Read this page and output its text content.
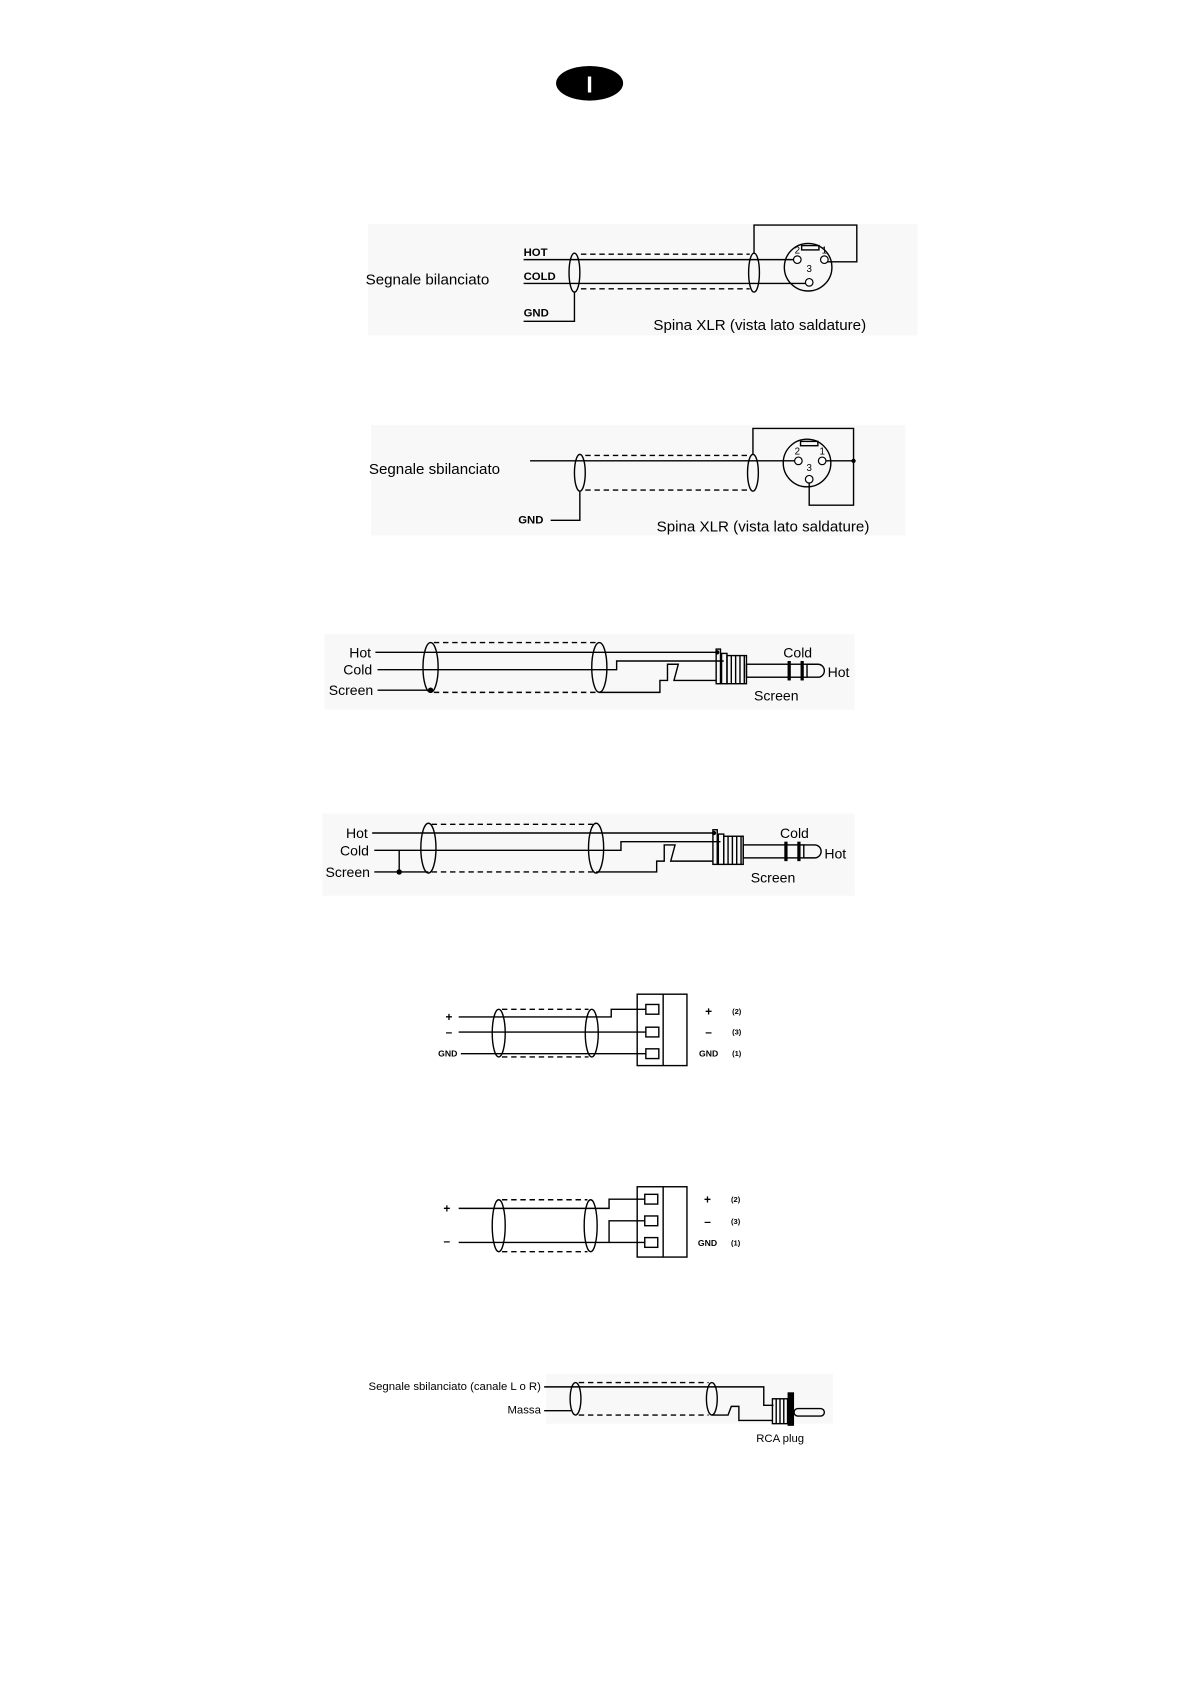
I
Segnale bilanciato
HOT
COLD
GND
2 1
3
Spina XLR (vista lato saldature)
Segnale sbilanciato
GND
2 1
3
Spina XLR (vista lato saldature)
Hot
Cold
Screen
Cold
Hot
Screen
Hot
Cold
Screen
Cold
Hot
Screen
+
–
GND
+
–
GND
(2)
(3)
(1)
+
–
+
–
GND
(2)
(3)
(1)
Segnale sbilanciato (canale L o R)
Massa
RCA plug
